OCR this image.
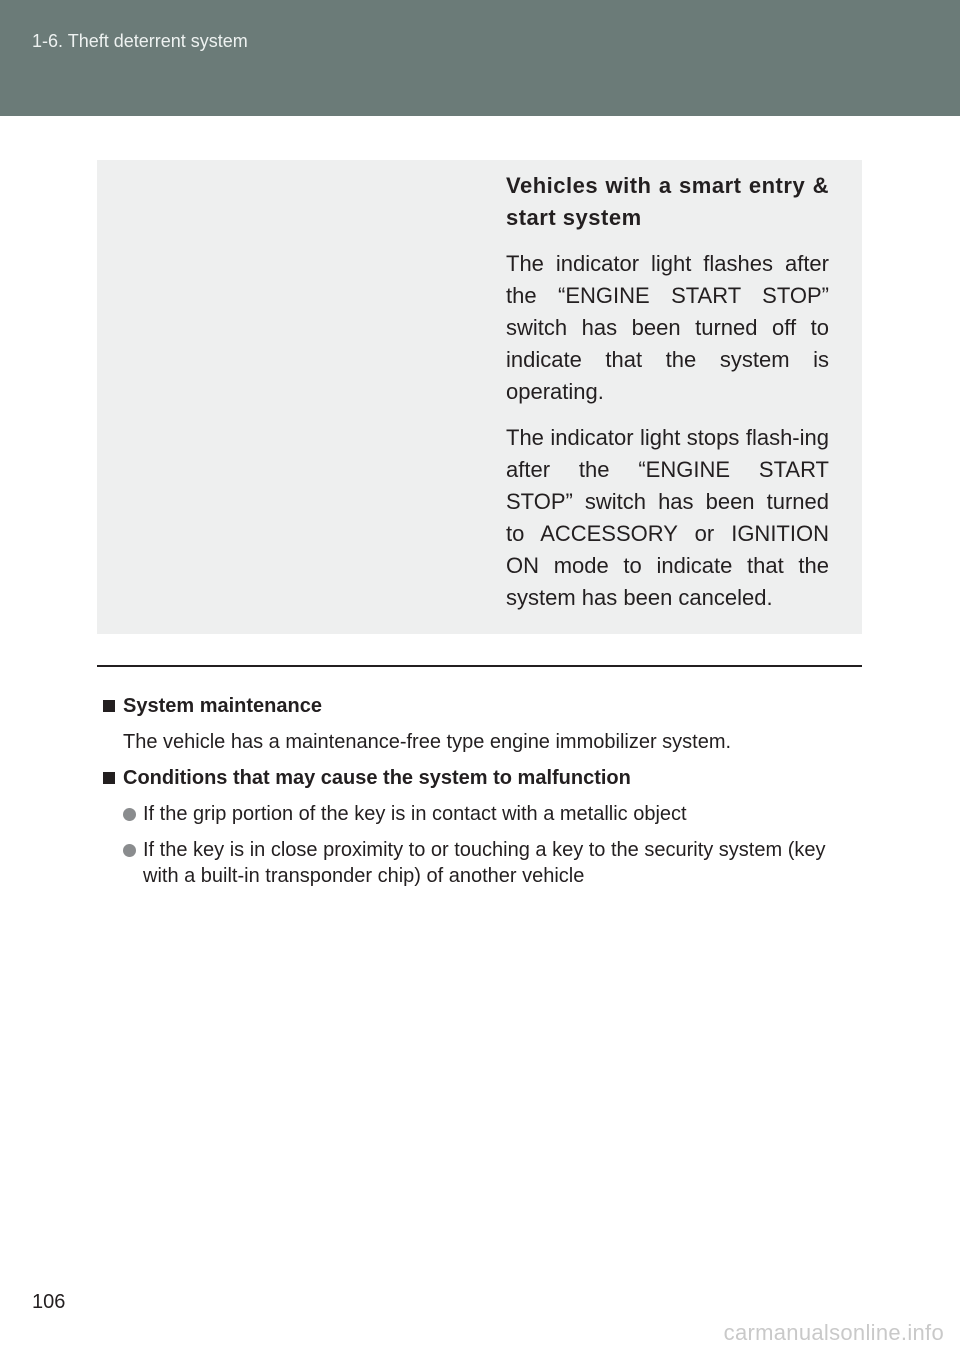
1-6. Theft deterrent system
Vehicles with a smart entry & start system
The indicator light flashes after the “ENGINE START STOP” switch has been turned off to indicate that the system is operating.
The indicator light stops flash-ing after the “ENGINE START STOP” switch has been turned to ACCESSORY or IGNITION ON mode to indicate that the system has been canceled.
System maintenance
The vehicle has a maintenance-free type engine immobilizer system.
Conditions that may cause the system to malfunction
If the grip portion of the key is in contact with a metallic object
If the key is in close proximity to or touching a key to the security system (key with a built-in transponder chip) of another vehicle
106
carmanualsonline.info
